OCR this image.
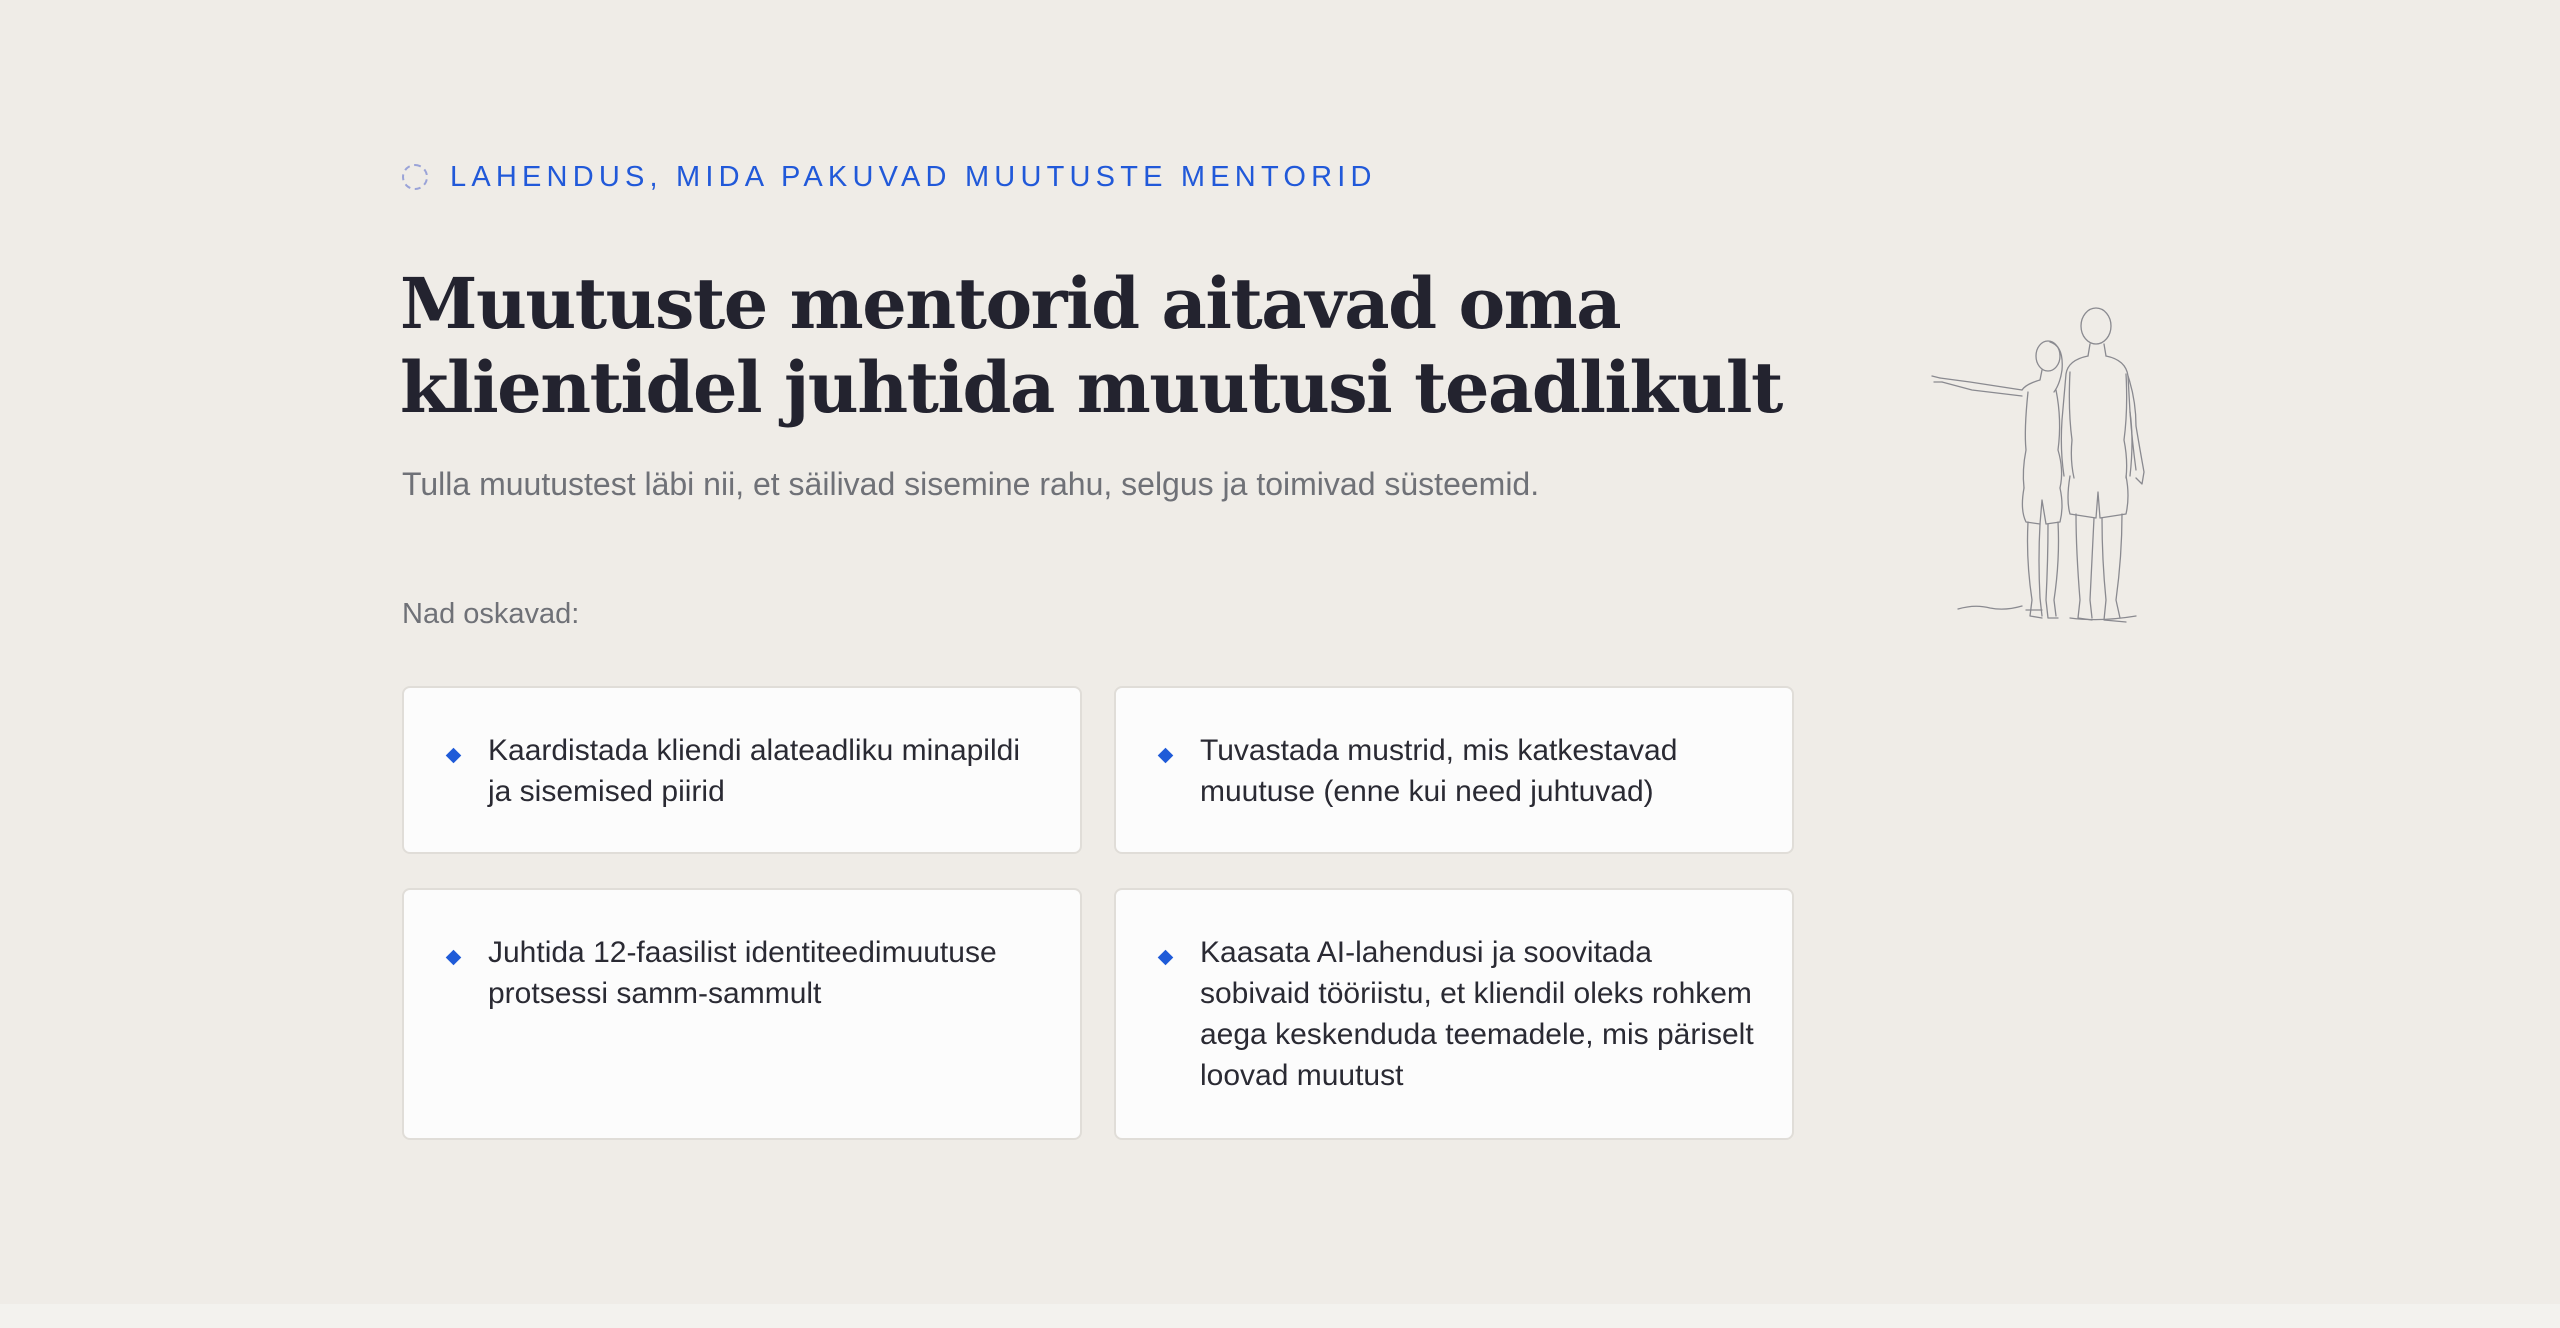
LAHENDUS, MIDA PAKUVAD MUUTUSTE MENTORID
Muutuste mentorid aitavad oma klientidel juhtida muutusi teadlikult
Tulla muutustest läbi nii, et säilivad sisemine rahu, selgus ja toimivad süsteemid.
Nad oskavad:
Kaardistada kliendi alateadliku minapildi ja sisemised piirid
Tuvastada mustrid, mis katkestavad muutuse (enne kui need juhtuvad)
Juhtida 12-faasilist identiteedimuutuse protsessi samm-sammult
Kaasata AI-lahendusi ja soovitada sobivaid tööriistu, et kliendil oleks rohkem aega keskenduda teemadele, mis päriselt loovad muutust
